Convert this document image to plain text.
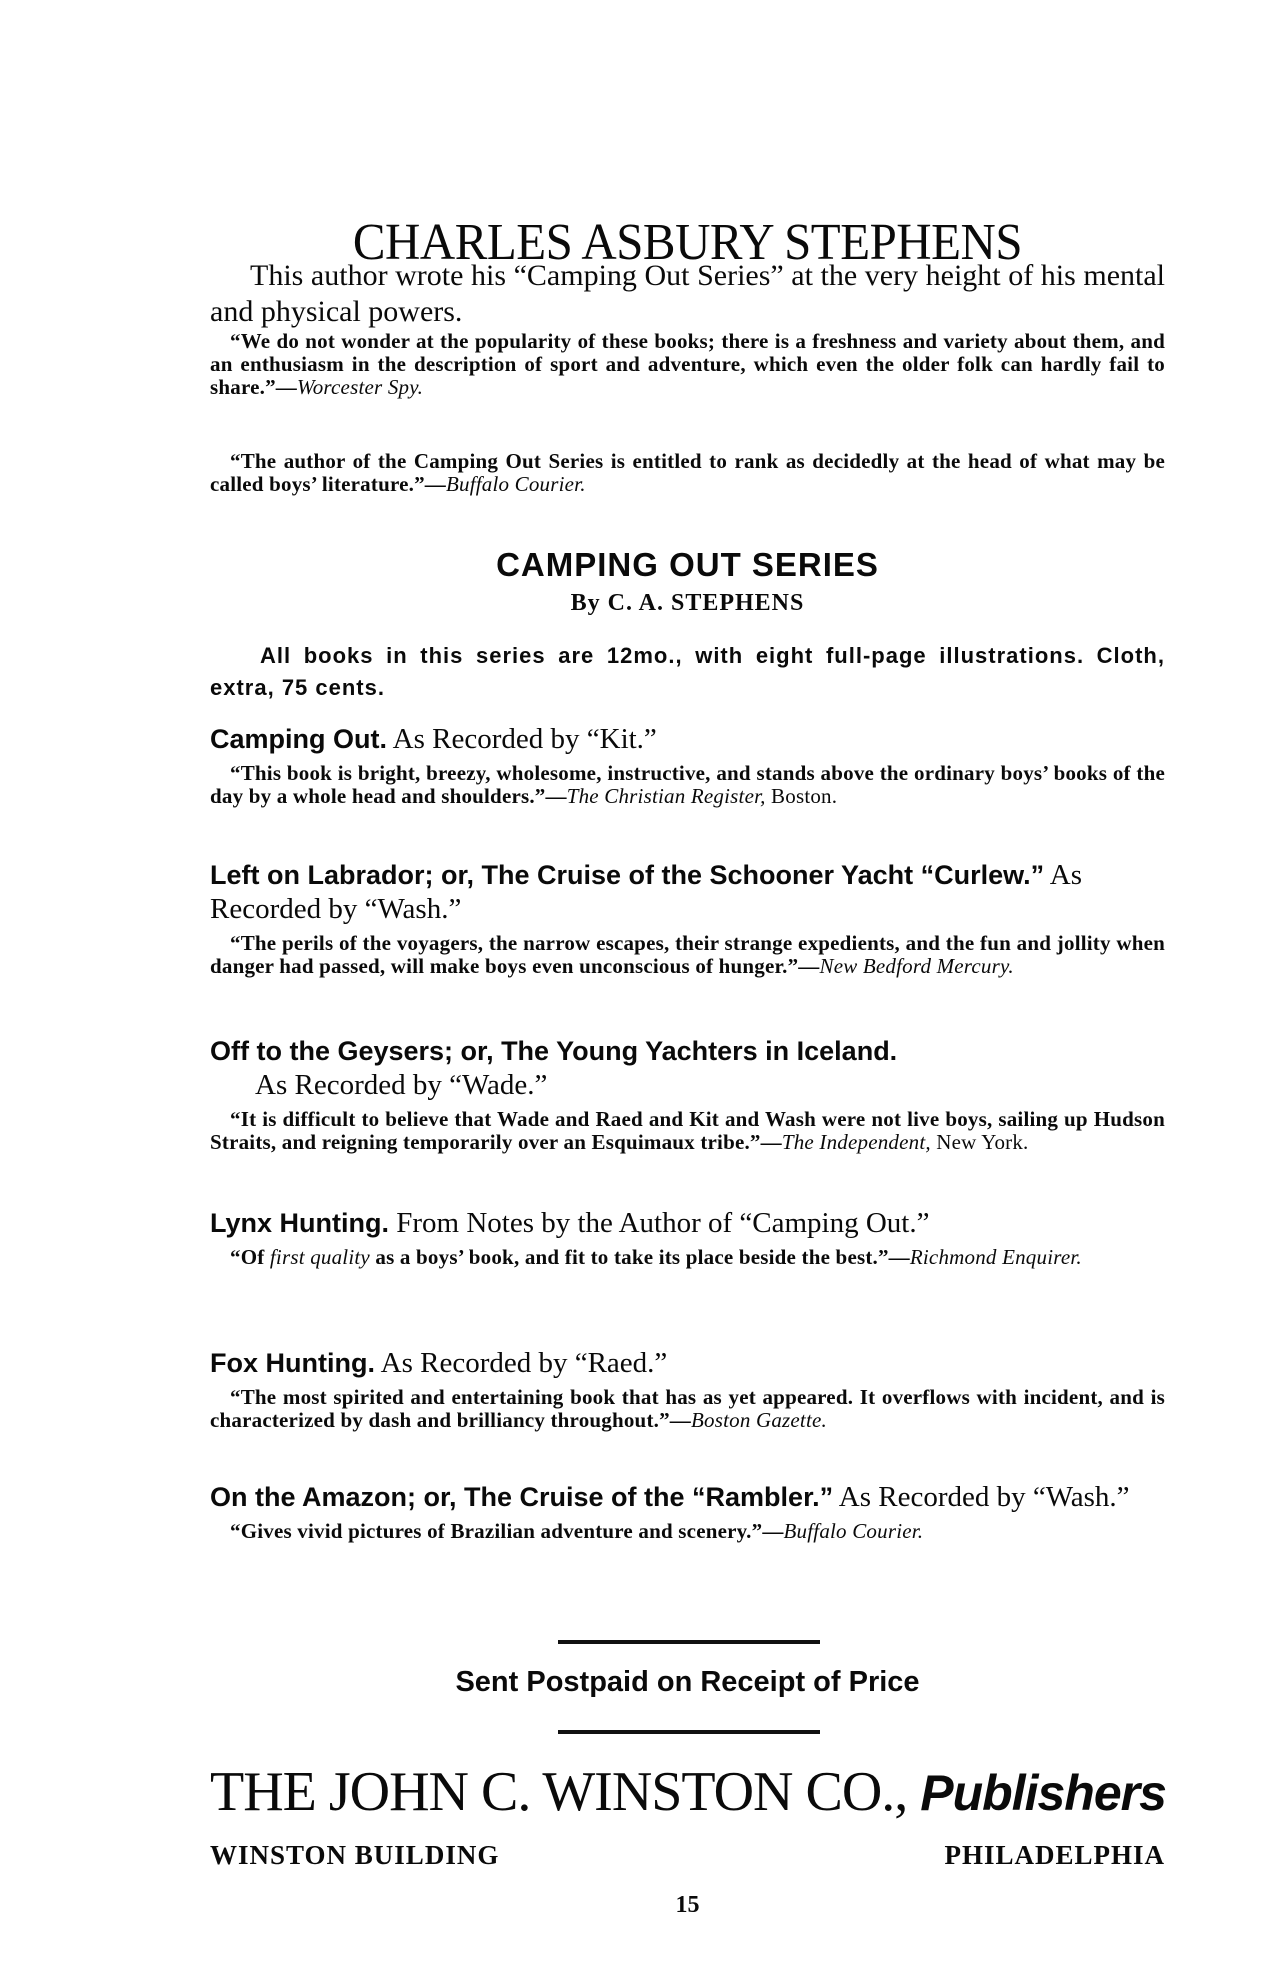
CHARLES ASBURY STEPHENS

This author wrote his “Camping Out Series” at the very height of his mental and physical powers.

“We do not wonder at the popularity of these books; there is a freshness and variety about them, and an enthusiasm in the description of sport and adventure, which even the older folk can hardly fail to share.”—Worcester Spy.

“The author of the Camping Out Series is entitled to rank as decidedly at the head of what may be called boys’ literature.”—Buffalo Courier.

CAMPING OUT SERIES
By C. A. STEPHENS

All books in this series are 12mo., with eight full-page illustrations. Cloth, extra, 75 cents.

Camping Out. As Recorded by “Kit.”

“This book is bright, breezy, wholesome, instructive, and stands above the ordinary boys’ books of the day by a whole head and shoulders.”—The Christian Register, Boston.

Left on Labrador; or, The Cruise of the Schooner Yacht “Curlew.” As Recorded by “Wash.”

“The perils of the voyagers, the narrow escapes, their strange expedients, and the fun and jollity when danger had passed, will make boys even unconscious of hunger.”—New Bedford Mercury.

Off to the Geysers; or, The Young Yachters in Iceland.
As Recorded by “Wade.”

“It is difficult to believe that Wade and Raed and Kit and Wash were not live boys, sailing up Hudson Straits, and reigning temporarily over an Esquimaux tribe.”—The Independent, New York.

Lynx Hunting. From Notes by the Author of “Camping Out.”

“Of first quality as a boys’ book, and fit to take its place beside the best.”—Richmond Enquirer.

Fox Hunting. As Recorded by “Raed.”

“The most spirited and entertaining book that has as yet appeared. It overflows with incident, and is characterized by dash and brilliancy throughout.”—Boston Gazette.

On the Amazon; or, The Cruise of the “Rambler.” As Recorded by “Wash.”

“Gives vivid pictures of Brazilian adventure and scenery.”—Buffalo Courier.

Sent Postpaid on Receipt of Price
THE JOHN C. WINSTON CO., Publishers
WINSTON BUILDING	PHILADELPHIA
15
